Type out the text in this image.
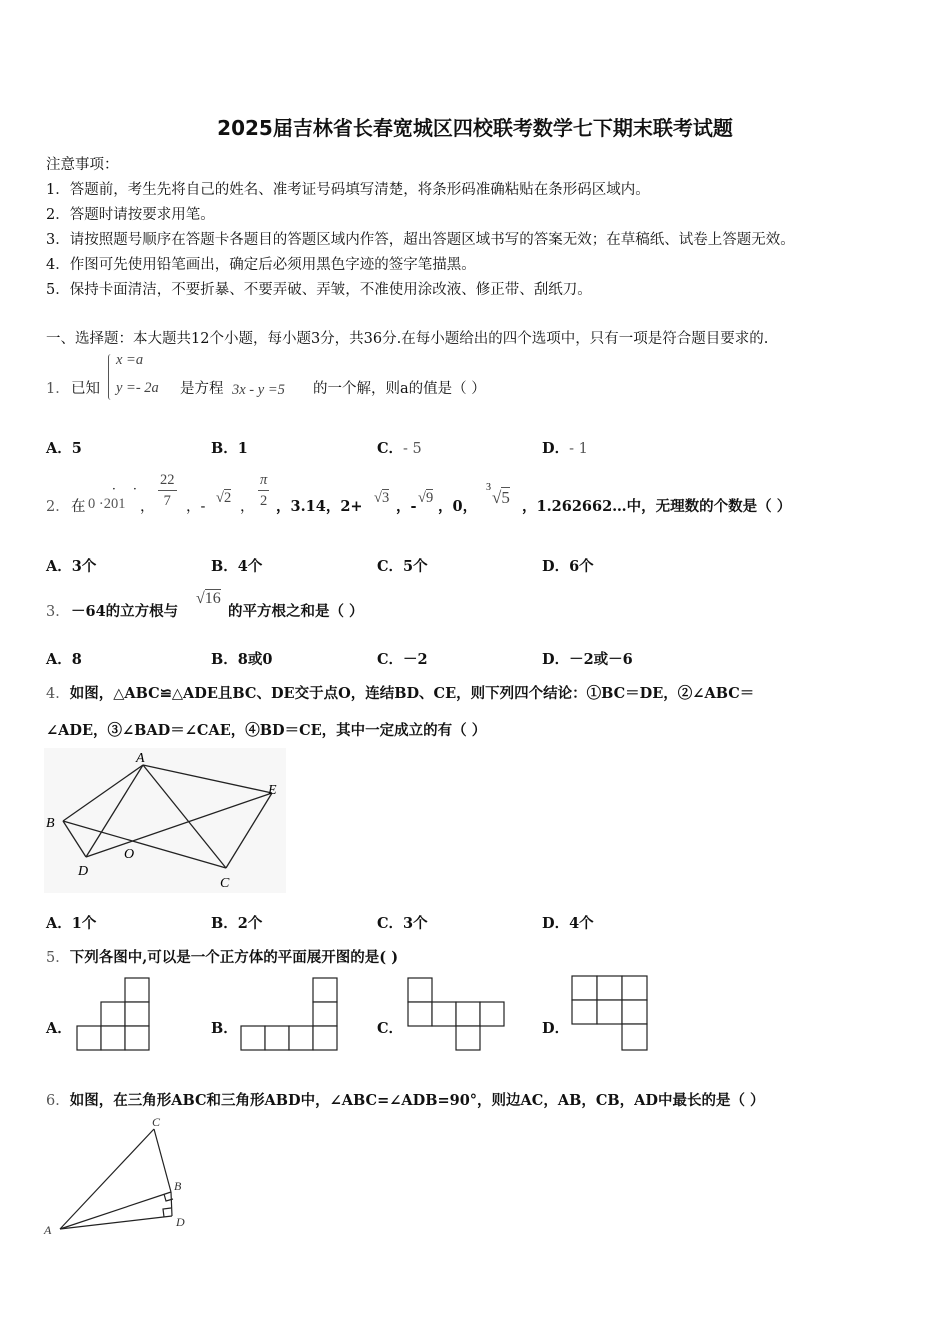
2025届吉林省长春宽城区四校联考数学七下期末联考试题
注意事项：
1．答题前，考生先将自己的姓名、准考证号码填写清楚，将条形码准确粘贴在条形码区域内。
2．答题时请按要求用笔。
3．请按照题号顺序在答题卡各题目的答题区域内作答，超出答题区域书写的答案无效；在草稿纸、试卷上答题无效。
4．作图可先使用铅笔画出，确定后必须用黑色字迹的签字笔描黑。
5．保持卡面清洁，不要折暴、不要弄破、弄皱，不准使用涂改液、修正带、刮纸刀。
一、选择题：本大题共12个小题，每小题3分，共36分.在每小题给出的四个选项中，只有一项是符合题目要求的.
1． 已知
x =a
y =- 2a 是方程 3x - y =5 的一个解，则a的值是（ ）
A．5	B．1	C．- 5	D．- 1
2． 在
· ·
0 ·201 ， $\frac{22}{7}$ ，-
√2
， $\frac{\pi}{2}$ ，3.14，2+ √3 ，- √9 ，0，
3
√5 ，1.262662…中，无理数的个数是（ ）
A．3个	B．4个	C．5个	D．6个
3． －64的立方根与
√16
的平方根之和是（ ）
A．8	B．8或0	C．－2	D．－2或－6
4．如图，△ABC≌△ADE且BC、DE交于点O，连结BD、CE，则下列四个结论：①BC＝DE，②∠ABC＝
∠ADE，③∠BAD＝∠CAE，④BD＝CE，其中一定成立的有（ ）
A
B
D
O
C
E
A．1个	B．2个	C．3个	D．4个
5．下列各图中,可以是一个正方体的平面展开图的是( )
A．	B．	C．	D．
6．如图，在三角形ABC和三角形ABD中，∠ABC=∠ADB=90°，则边AC，AB，CB，AD中最长的是（ ）
C
B
D
A
